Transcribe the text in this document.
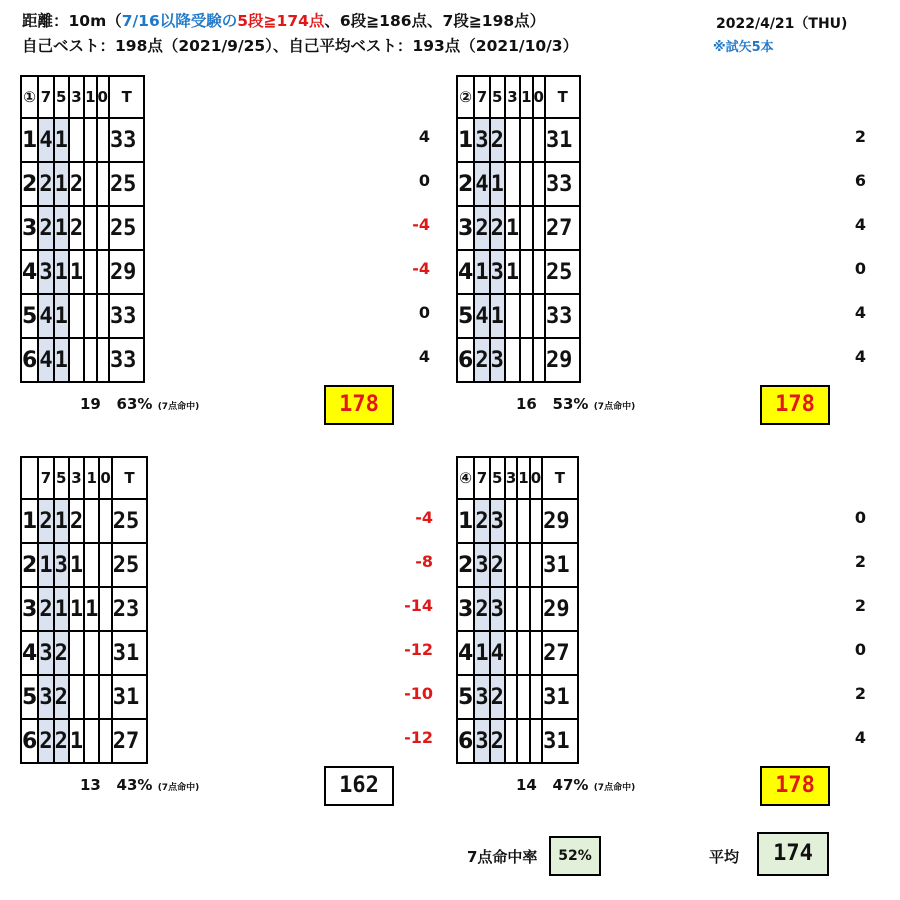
距離：10m（7/16以降受験の5段≧174点、6段≧186点、7段≧198点）
自己ベスト：198点（2021/9/25）、自己平均ベスト：193点（2021/10/3）
2022/4/21（THU)
※試矢5本
4
0
-4
-4
0
4
①	7	5	3	1	0	T
1	4	1				33
2	2	1	2			25
3	2	1	2			25
4	3	1	1			29
5	4	1				33
6	4	1				33
19 63% (7点命中)	178
2
6
4
0
4
4
②	7	5	3	1	0	T
1	3	2				31
2	4	1				33
3	2	2	1			27
4	1	3	1			25
5	4	1				33
6	2	3				29
16 53% (7点命中)	178
-4
-8
-14
-12
-10
-12
	7	5	3	1	0	T
1	2	1	2			25
2	1	3	1			25
3	2	1	1	1		23
4	3	2				31
5	3	2				31
6	2	2	1			27
13 43% (7点命中)	162
0
2
2
0
2
4
④	7	5	3	1	0	T
1	2	3				29
2	3	2				31
3	2	3				29
4	1	4				27
5	3	2				31
6	3	2				31
14 47% (7点命中)	178
7点命中率	52%	平均	174
